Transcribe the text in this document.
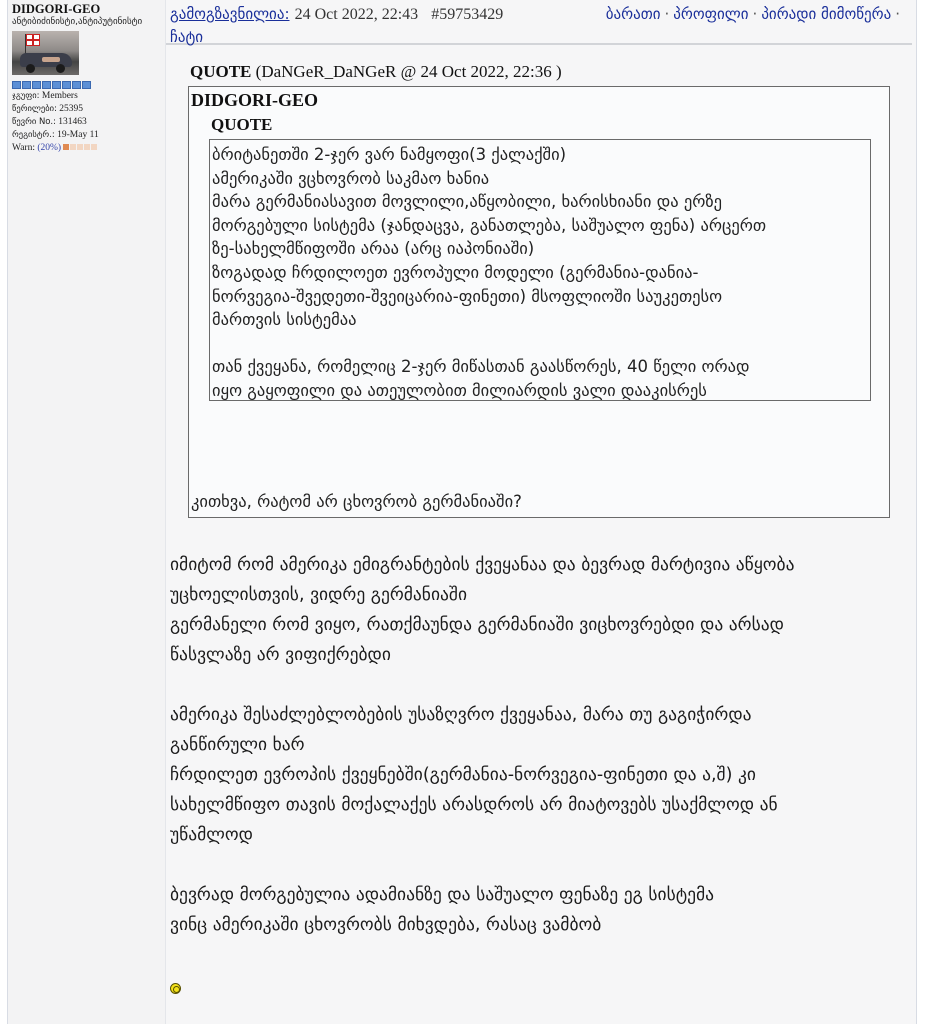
DIDGORI-GEO
ანტიბიძინისტი,ანტიპუტინისტი
ჯგუფი: Members
წერილები: 25395
წევრი No.: 131463
რეგისტრ.: 19-May 11
Warn: (20%)
გამოგზავნილია: 24 Oct 2022, 22:43 #59753429	ბარათი · პროფილი · პირადი მიმოწერა ·
ჩატი
QUOTE (DaNGeR_DaNGeR @ 24 Oct 2022, 22:36 )
DIDGORI-GEO
QUOTE
ბრიტანეთში 2-ჯერ ვარ ნამყოფი(3 ქალაქში)
ამერიკაში ვცხოვრობ საკმაო ხანია
მარა გერმანიასავით მოვლილი,აწყობილი, ხარისხიანი და ერზე
მორგებული სისტემა (ჯანდაცვა, განათლება, საშუალო ფენა) არცერთ
ზე-სახელმწიფოში არაა (არც იაპონიაში)
ზოგადად ჩრდილოეთ ევროპული მოდელი (გერმანია-დანია-
ნორვეგია-შვედეთი-შვეიცარია-ფინეთი) მსოფლიოში საუკეთესო
მართვის სისტემაა
თან ქვეყანა, რომელიც 2-ჯერ მიწასთან გაასწორეს, 40 წელი ორად
იყო გაყოფილი და ათეულობით მილიარდის ვალი დააკისრეს
კითხვა, რატომ არ ცხოვრობ გერმანიაში?
იმიტომ რომ ამერიკა ემიგრანტების ქვეყანაა და ბევრად მარტივია აწყობა
უცხოელისთვის, ვიდრე გერმანიაში
გერმანელი რომ ვიყო, რათქმაუნდა გერმანიაში ვიცხოვრებდი და არსად
წასვლაზე არ ვიფიქრებდი
ამერიკა შესაძლებლობების უსაზღვრო ქვეყანაა, მარა თუ გაგიჭირდა
განწირული ხარ
ჩრდილეთ ევროპის ქვეყნებში(გერმანია-ნორვეგია-ფინეთი და ა,შ) კი
სახელმწიფო თავის მოქალაქეს არასდროს არ მიატოვებს უსაქმლოდ ან
უწამლოდ
ბევრად მორგებულია ადამიანზე და საშუალო ფენაზე ეგ სისტემა
ვინც ამერიკაში ცხოვრობს მიხვდება, რასაც ვამბობ
